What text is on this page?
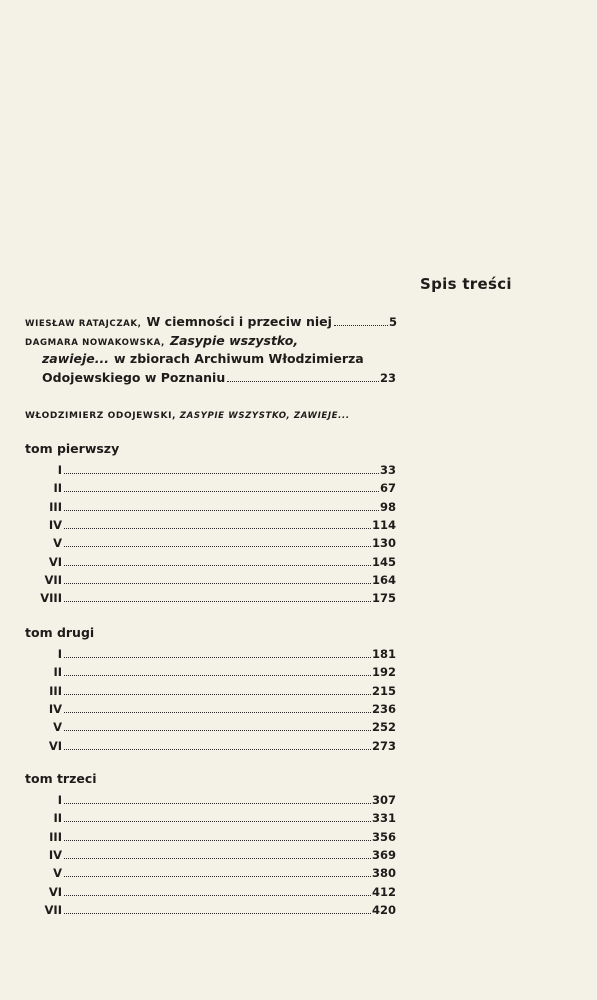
Spis treści
WIESŁAW RATAJCZAK, W ciemności i przeciw niej	5
DAGMARA NOWAKOWSKA, Zasypie wszystko,
zawieje... w zbiorach Archiwum Włodzimierza
Odojewskiego w Poznaniu	23
WŁODZIMIERZ ODOJEWSKI, ZASYPIE WSZYSTKO, ZAWIEJE...
tom pierwszy
I	33
II	67
III	98
IV	114
V	130
VI	145
VII	164
VIII	175
tom drugi
I	181
II	192
III	215
IV	236
V	252
VI	273
tom trzeci
I	307
II	331
III	356
IV	369
V	380
VI	412
VII	420
